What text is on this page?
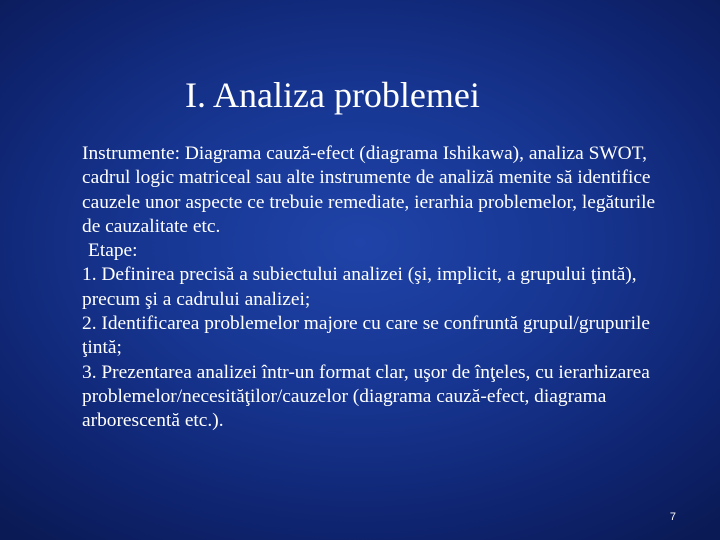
I. Analiza problemei

Instrumente: Diagrama cauză-efect (diagrama Ishikawa), analiza SWOT, cadrul logic matriceal sau alte instrumente de analiză menite să identifice cauzele unor aspecte ce trebuie remediate, ierarhia problemelor, legăturile de cauzalitate etc.

Etape:

1. Definirea precisă a subiectului analizei (şi, implicit, a grupului ţintă), precum şi a cadrului analizei;

2. Identificarea problemelor majore cu care se confruntă grupul/grupurile ţintă;

3. Prezentarea analizei într-un format clar, uşor de înţeles, cu ierarhizarea problemelor/necesităţilor/cauzelor (diagrama cauză-efect, diagrama arborescentă etc.).

7
